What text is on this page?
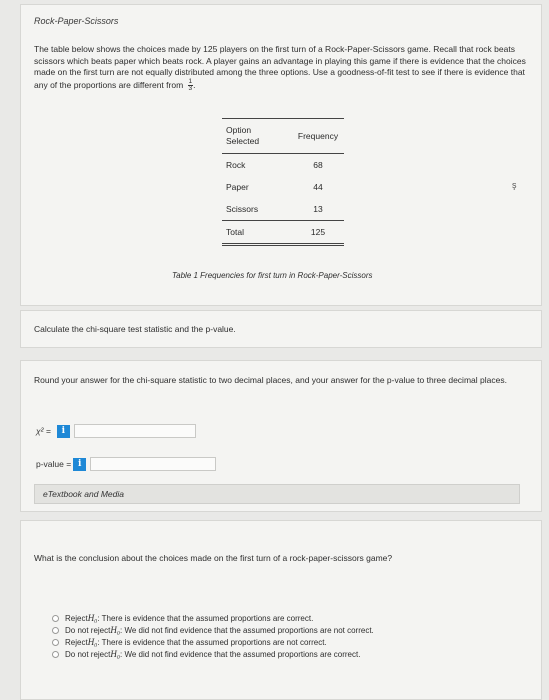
Rock-Paper-Scissors
The table below shows the choices made by 125 players on the first turn of a Rock-Paper-Scissors game. Recall that rock beats scissors which beats paper which beats rock. A player gains an advantage in playing this game if there is evidence that the choices made on the first turn are not equally distributed among the three options. Use a goodness-of-fit test to see if there is evidence that any of the proportions are different from $\frac{1}{3}$ .
Option
Selected	Frequency
Rock	68
Paper	44
Scissors	13
Total	125
Table 1 Frequencies for first turn in Rock-Paper-Scissors
ş
Calculate the chi-square test statistic and the p-value.
Round your answer for the chi-square statistic to two decimal places, and your answer for the p-value to three decimal places.
χ² =	i
p-value = i
eTextbook and Media
What is the conclusion about the choices made on the first turn of a rock-paper-scissors game?
Reject H₀ : There is evidence that the assumed proportions are correct.
Do not reject H₀ : We did not find evidence that the assumed proportions are not correct.
Reject H₀ : There is evidence that the assumed proportions are not correct.
Do not reject H₀ : We did not find evidence that the assumed proportions are correct.
